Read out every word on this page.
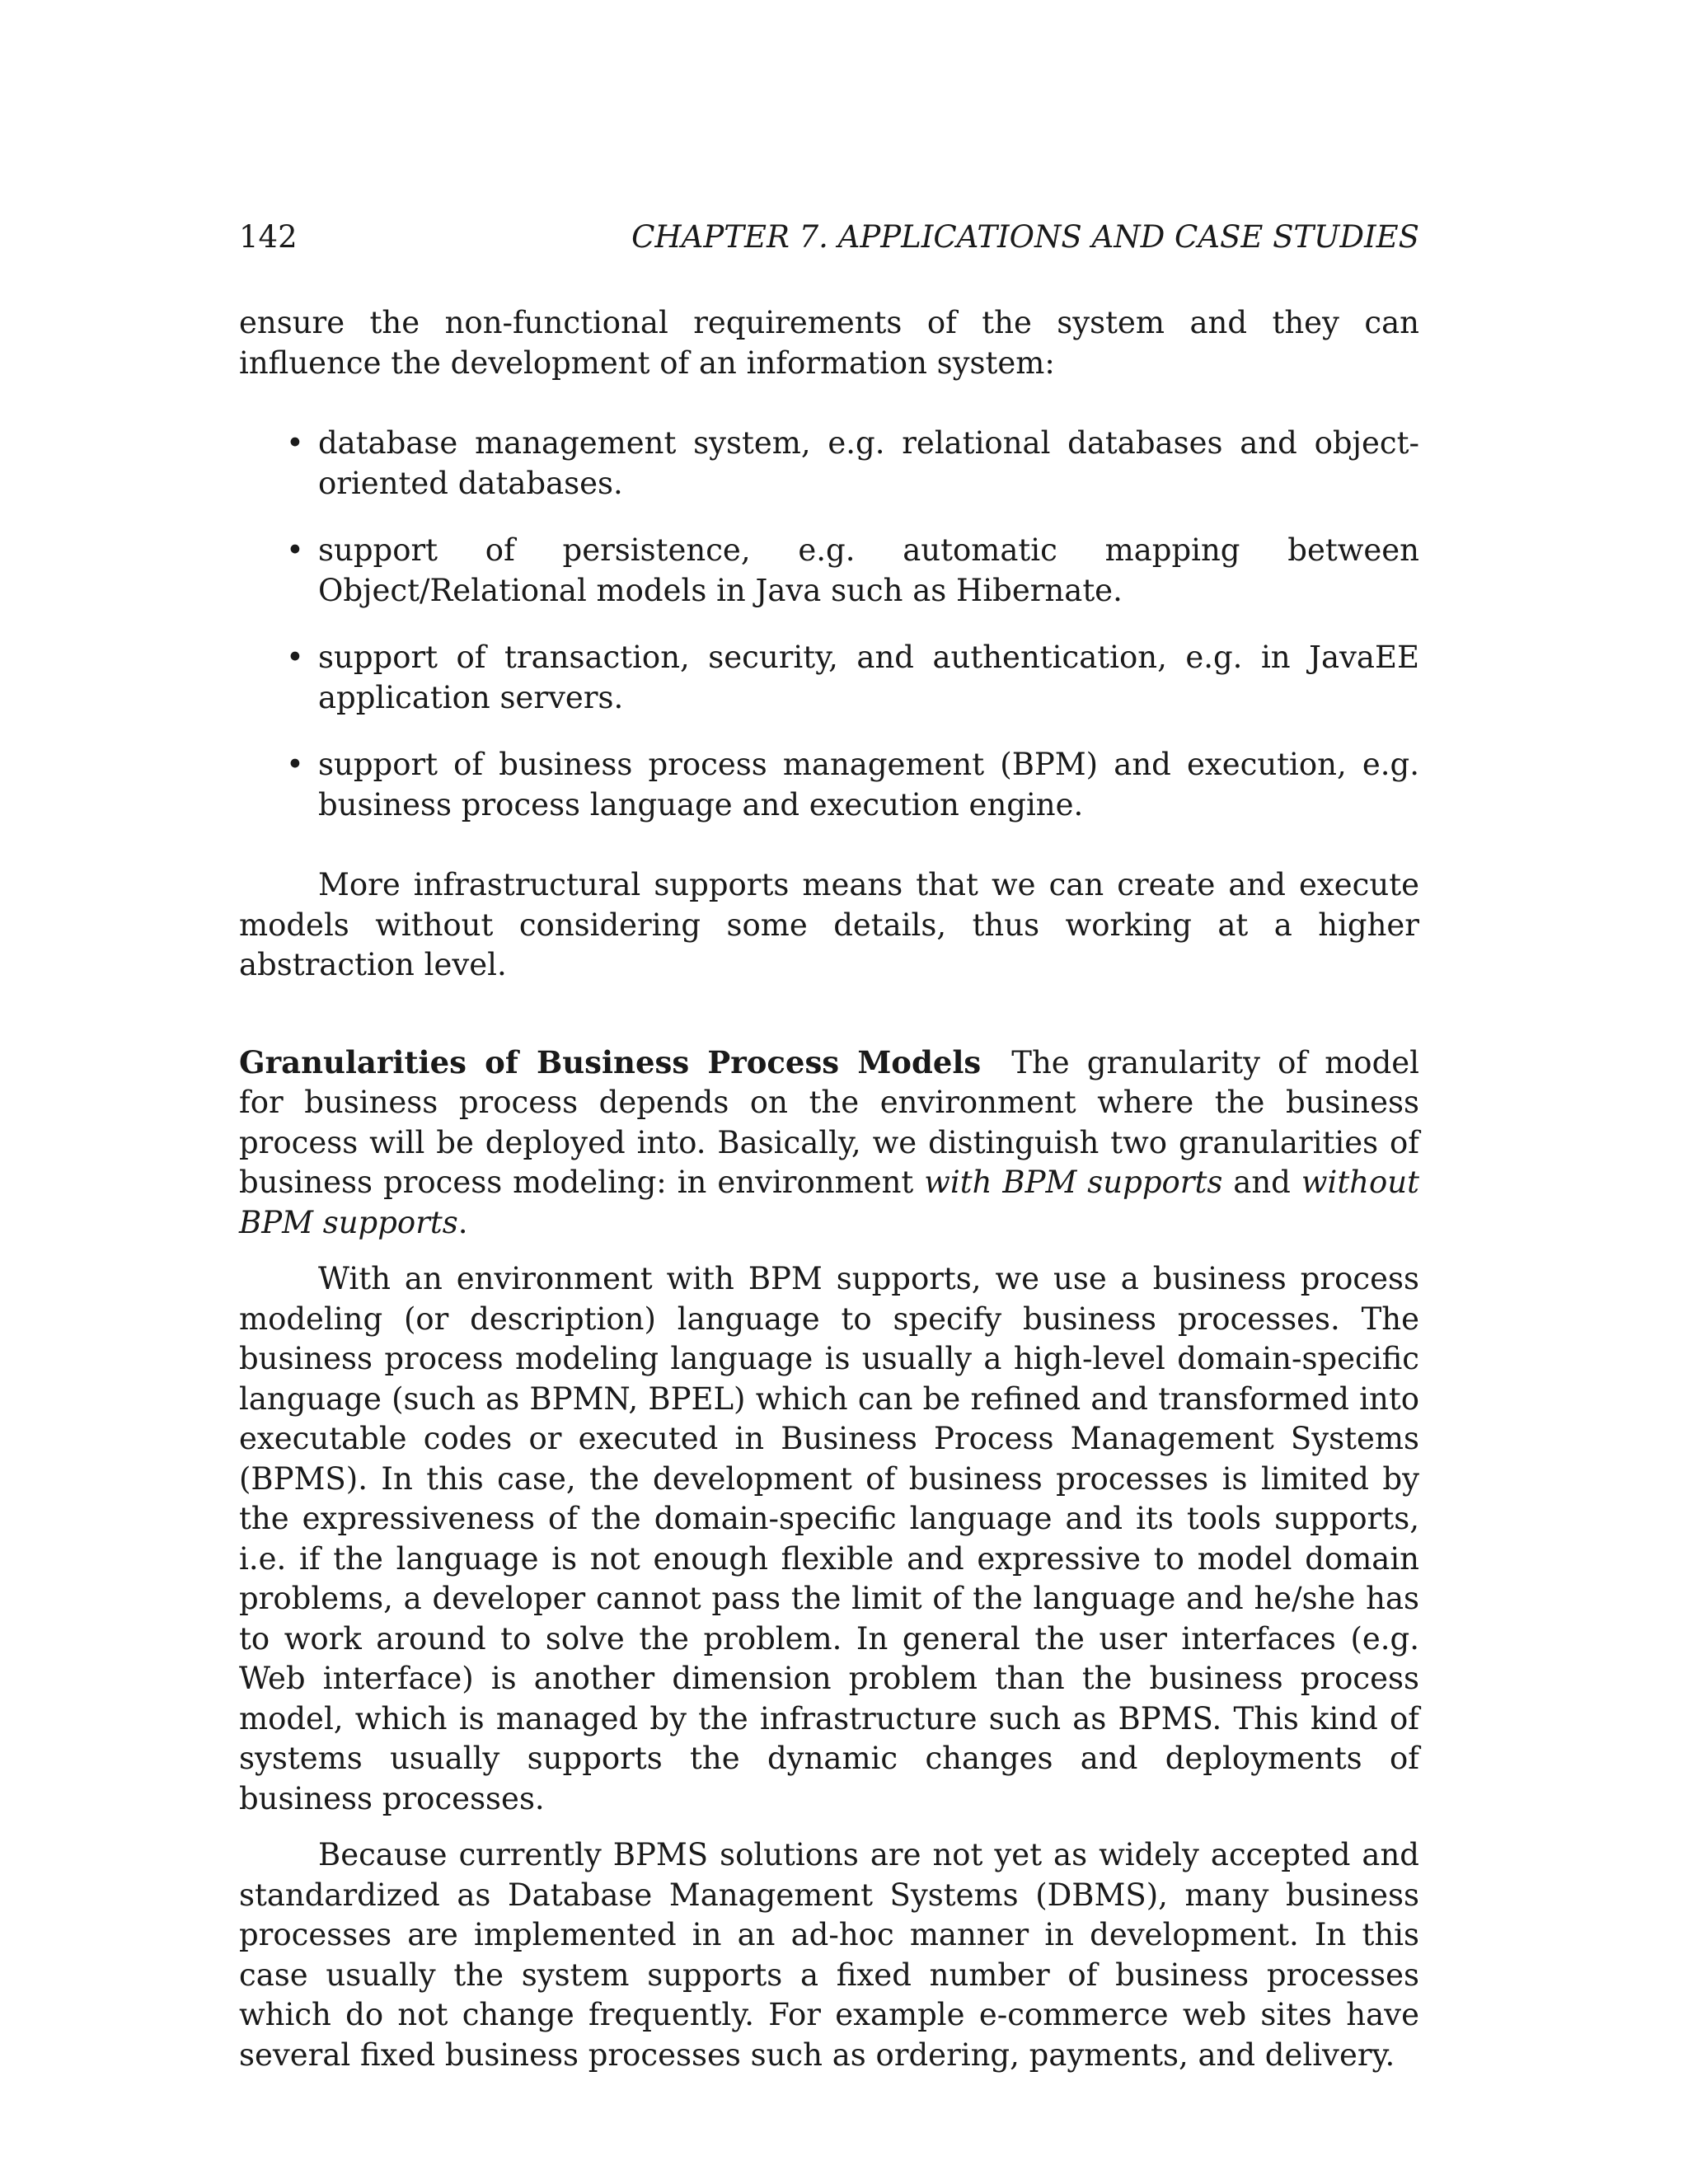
142	CHAPTER 7. APPLICATIONS AND CASE STUDIES

ensure the non-functional requirements of the system and they can influence the development of an information system:

• database management system, e.g. relational databases and object-oriented databases.
• support of persistence, e.g. automatic mapping between Object/Relational models in Java such as Hibernate.
• support of transaction, security, and authentication, e.g. in JavaEE application servers.
• support of business process management (BPM) and execution, e.g. business process language and execution engine.

More infrastructural supports means that we can create and execute models without considering some details, thus working at a higher abstraction level.

Granularities of Business Process Models   The granularity of model for business process depends on the environment where the business process will be deployed into. Basically, we distinguish two granularities of business process modeling: in environment with BPM supports and without BPM supports.

With an environment with BPM supports, we use a business process modeling (or description) language to specify business processes. The business process modeling language is usually a high-level domain-specific language (such as BPMN, BPEL) which can be refined and transformed into executable codes or executed in Business Process Management Systems (BPMS). In this case, the development of business processes is limited by the expressiveness of the domain-specific language and its tools supports, i.e. if the language is not enough flexible and expressive to model domain problems, a developer cannot pass the limit of the language and he/she has to work around to solve the problem. In general the user interfaces (e.g. Web interface) is another dimension problem than the business process model, which is managed by the infrastructure such as BPMS. This kind of systems usually supports the dynamic changes and deployments of business processes.

Because currently BPMS solutions are not yet as widely accepted and standardized as Database Management Systems (DBMS), many business processes are implemented in an ad-hoc manner in development. In this case usually the system supports a fixed number of business processes which do not change frequently. For example e-commerce web sites have several fixed business processes such as ordering, payments, and delivery.
